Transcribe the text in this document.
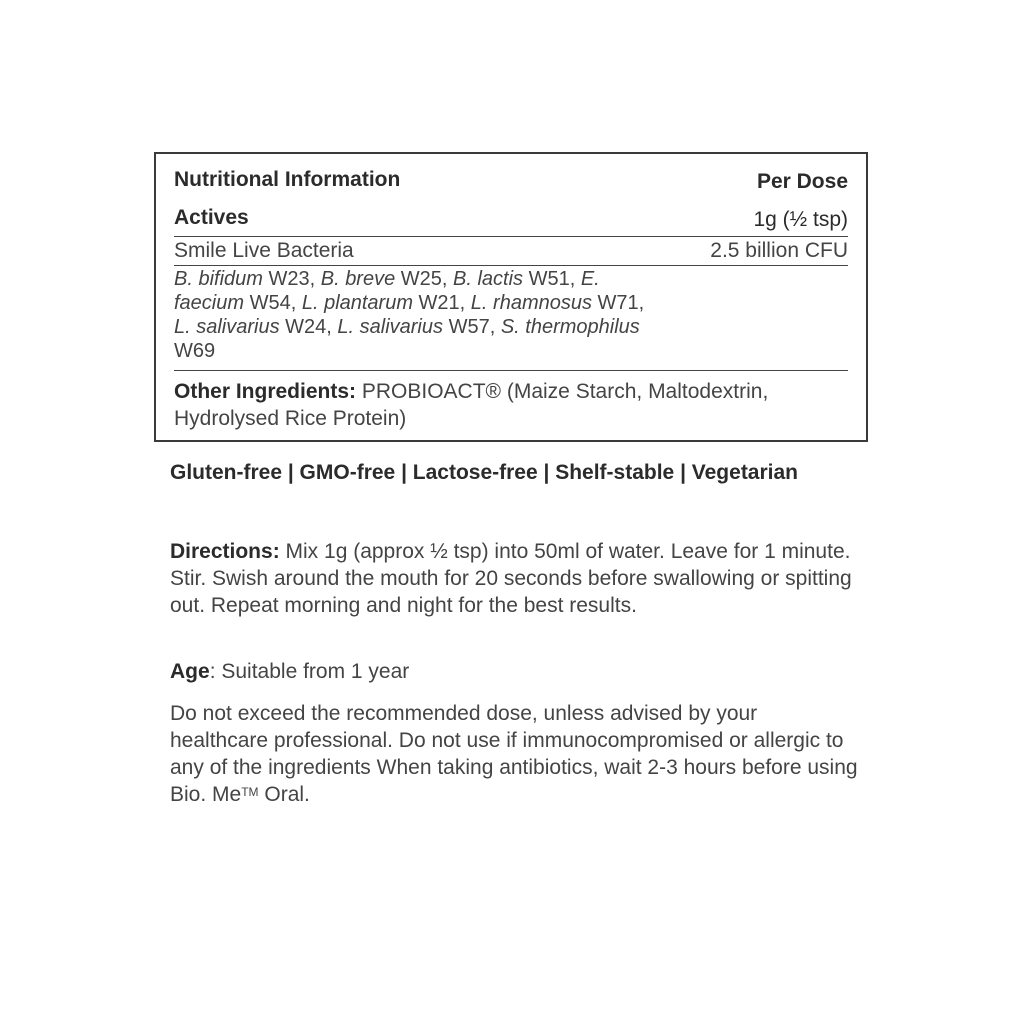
Nutritional Information	Per Dose
Actives	1g (½ tsp)
Smile Live Bacteria	2.5 billion CFU
B. bifidum W23, B. breve W25, B. lactis W51, E. faecium W54, L. plantarum W21, L. rhamnosus W71, L. salivarius W24, L. salivarius W57, S. thermophilus W69
Other Ingredients: PROBIOACT® (Maize Starch, Maltodextrin, Hydrolysed Rice Protein)
Gluten-free | GMO-free | Lactose-free | Shelf-stable | Vegetarian
Directions: Mix 1g (approx ½ tsp) into 50ml of water. Leave for 1 minute. Stir. Swish around the mouth for 20 seconds before swallowing or spitting out. Repeat morning and night for the best results.
Age: Suitable from 1 year
Do not exceed the recommended dose, unless advised by your healthcare professional. Do not use if immunocompromised or allergic to any of the ingredients When taking antibiotics, wait 2-3 hours before using Bio. Me™ Oral.
